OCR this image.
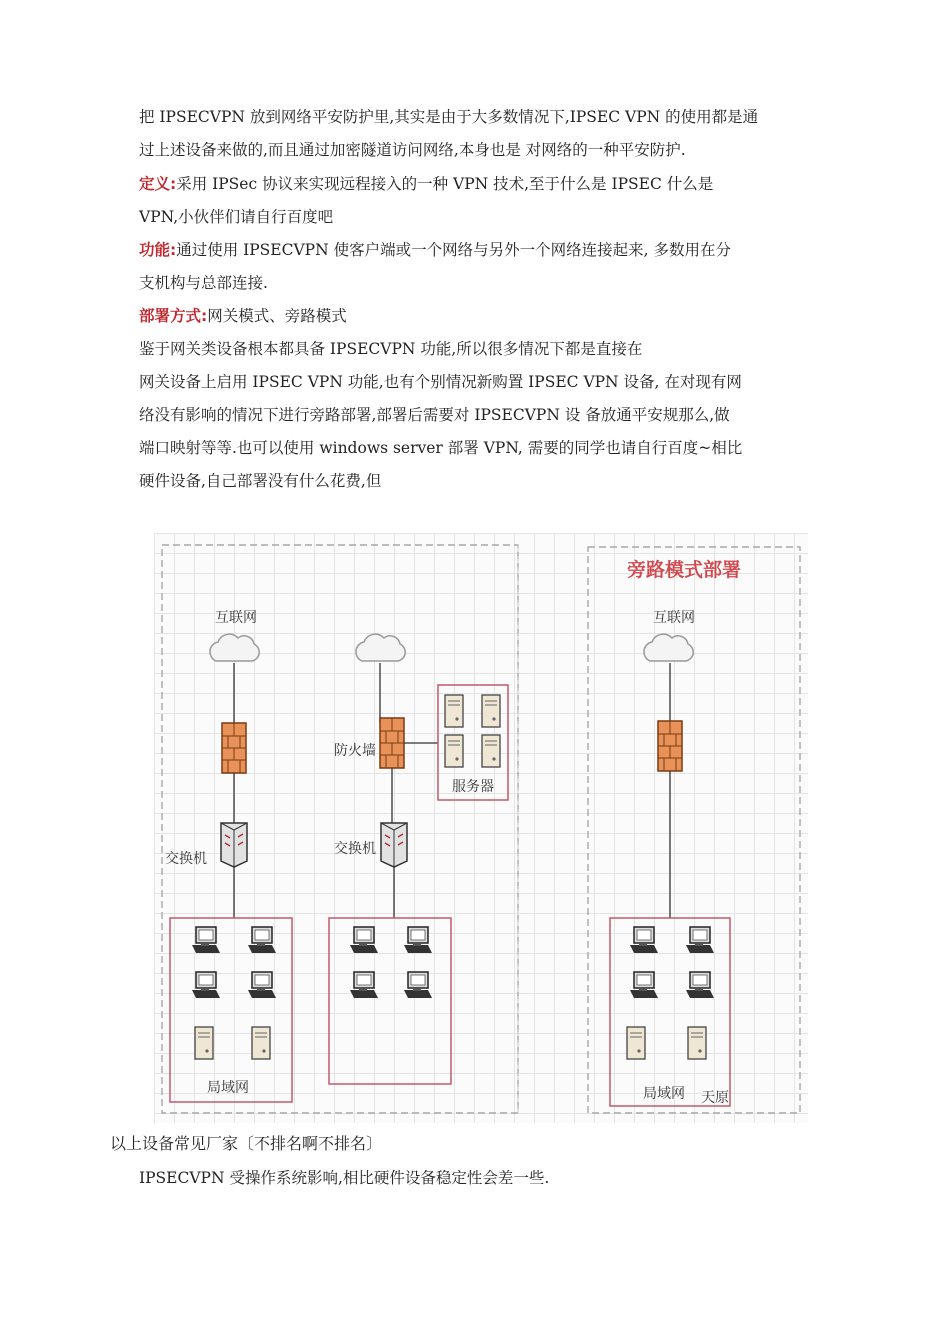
把 IPSECVPN 放到网络平安防护里,其实是由于大多数情况下,IPSEC VPN 的使用都是通
过上述设备来做的,而且通过加密隧道访问网络,本身也是 对网络的一种平安防护.
定义:采用 IPSec 协议来实现远程接入的一种 VPN 技术,至于什么是 IPSEC 什么是
VPN,小伙伴们请自行百度吧
功能:通过使用 IPSECVPN 使客户端或一个网络与另外一个网络连接起来, 多数用在分
支机构与总部连接.
部署方式:网关模式、旁路模式
鉴于网关类设备根本都具备 IPSECVPN 功能,所以很多情况下都是直接在
网关设备上启用 IPSEC VPN 功能,也有个别情况新购置 IPSEC VPN 设备, 在对现有网
络没有影响的情况下进行旁路部署,部署后需要对 IPSECVPN 设 备放通平安规那么,做
端口映射等等.也可以使用 windows server 部署 VPN, 需要的同学也请自行百度~相比
硬件设备,自己部署没有什么花费,但
旁路模式部署
互联网
交换机
局域网
防火墙
服务器
交换机
互联网
局域网 天原
以上设备常见厂家〔不排名啊不排名〕
IPSECVPN 受操作系统影响,相比硬件设备稳定性会差一些.
